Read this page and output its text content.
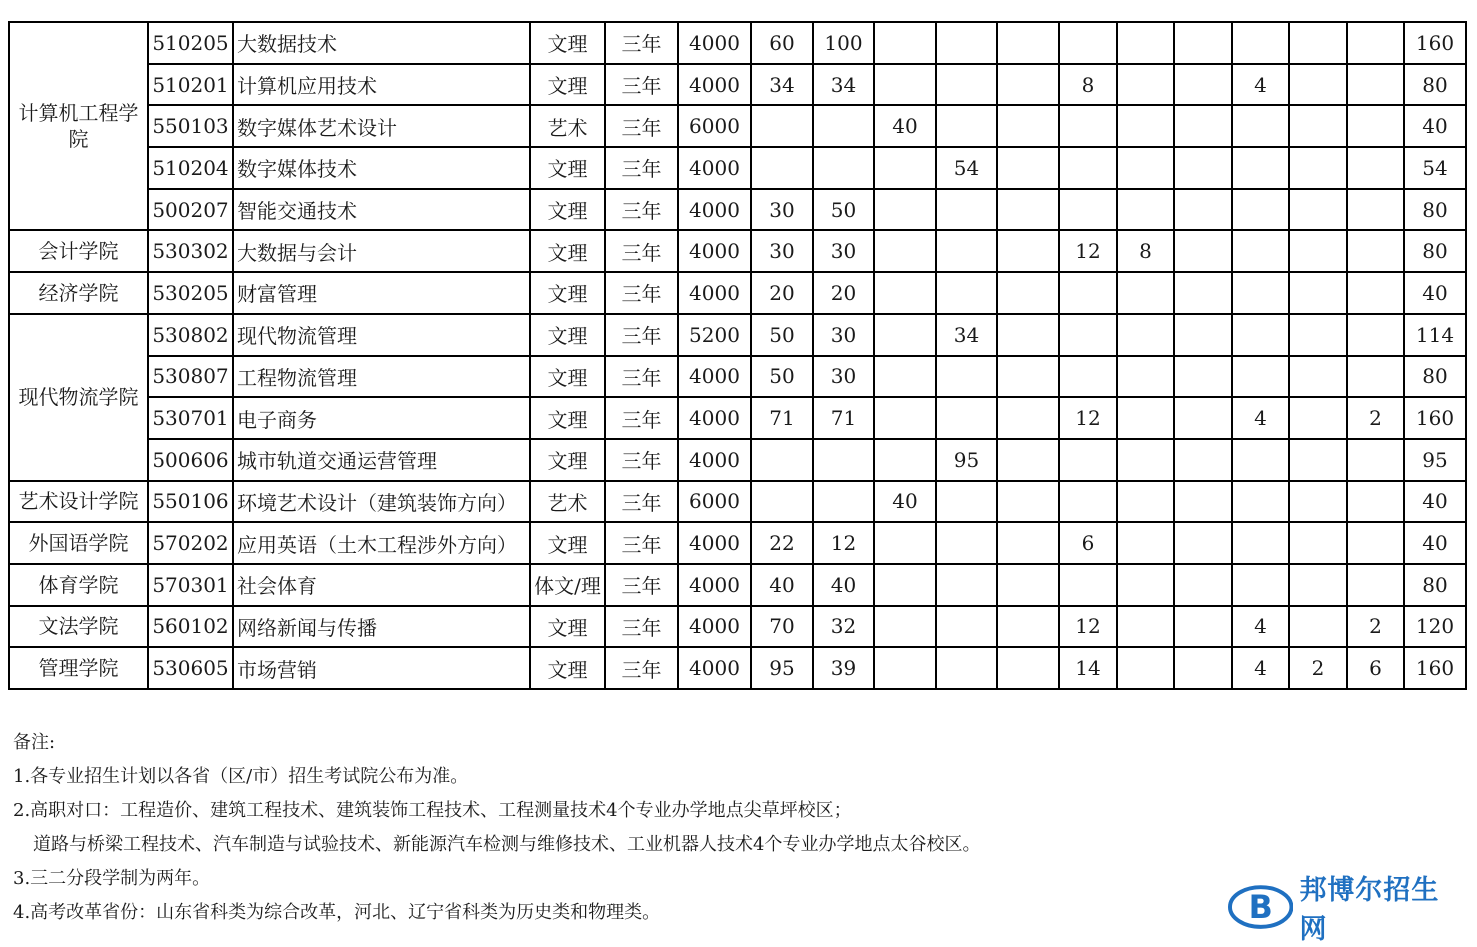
计算机工程学院	510205	大数据技术	文理	三年	4000	60	100										160
	510201	计算机应用技术	文理	三年	4000	34	34				8			4			80
	550103	数字媒体艺术设计	艺术	三年	6000			40									40
	510204	数字媒体技术	文理	三年	4000				54								54
	500207	智能交通技术	文理	三年	4000	30	50										80
会计学院	530302	大数据与会计	文理	三年	4000	30	30				12	8					80
经济学院	530205	财富管理	文理	三年	4000	20	20										40
现代物流学院	530802	现代物流管理	文理	三年	5200	50	30		34								114
	530807	工程物流管理	文理	三年	4000	50	30										80
	530701	电子商务	文理	三年	4000	71	71				12			4		2	160
	500606	城市轨道交通运营管理	文理	三年	4000				95								95
艺术设计学院	550106	环境艺术设计（建筑装饰方向）	艺术	三年	6000			40									40
外国语学院	570202	应用英语（土木工程涉外方向）	文理	三年	4000	22	12				6						40
体育学院	570301	社会体育	体文/理	三年	4000	40	40										80
文法学院	560102	网络新闻与传播	文理	三年	4000	70	32				12			4		2	120
管理学院	530605	市场营销	文理	三年	4000	95	39				14			4	2	6	160
备注:
1.各专业招生计划以各省（区/市）招生考试院公布为准。
2.高职对口：工程造价、建筑工程技术、建筑装饰工程技术、工程测量技术4个专业办学地点尖草坪校区；
道路与桥梁工程技术、汽车制造与试验技术、新能源汽车检测与维修技术、工业机器人技术4个专业办学地点太谷校区。
3.三二分段学制为两年。
4.高考改革省份：山东省科类为综合改革，河北、辽宁省科类为历史类和物理类。	B 邦博尔招生网
